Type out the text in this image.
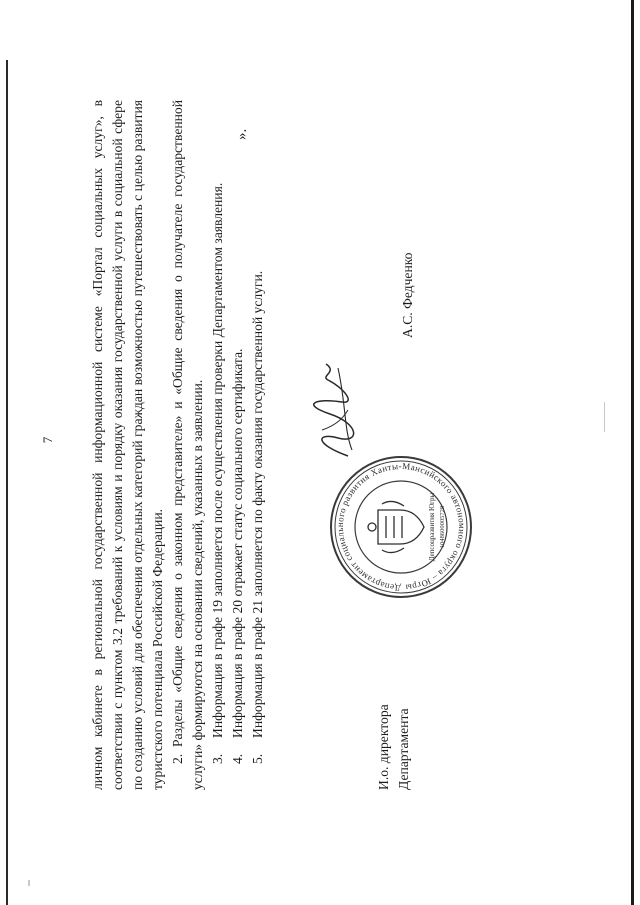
7	личном кабинете в региональной государственной информационной системе «Портал социальных услуг», в соответствии с пунктом 3.2 требований к условиям и порядку оказания государственной услуги в социальной сфере по созданию условий для обеспечения отдельных категорий граждан возможностью путешествовать с целью развития туристского потенциала Российской Федерации. 2. Разделы «Общие сведения о законном представителе» и «Общие сведения о получателе государственной услуги» формируются на основании сведений, указанных в заявлении. 3.
Информация в графе 19 заполняется после осуществления проверки Департаментом заявления.
4.
Информация в графе 20 отражает статус социального сертификата.
5.
Информация в графе 21 заполняется по факту оказания государственной услуги.
».
И.о. директора Департамента
Департамент социального развития Ханты-Мансийского автономного округа – Югры
Депсоцразвития Югры 1048600005728
А.С. Федченко
